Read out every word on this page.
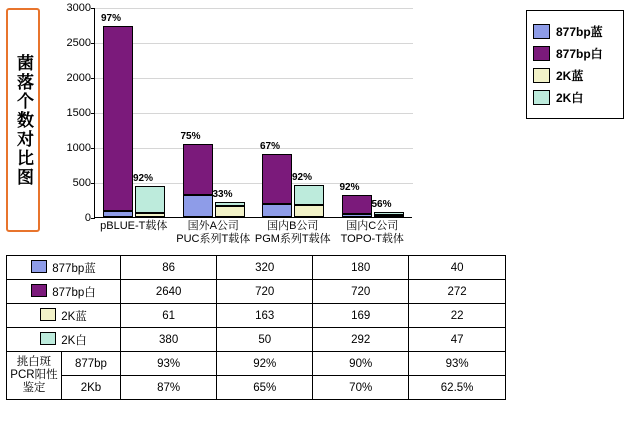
菌落个数对比图
0
500
1000
1500
2000
2500
3000
97%
92%
75%
33%
67%
92%
92%
56%
pBLUE-T载体	国外A公司
PUC系列T载体
国内B公司
PGM系列T载体
国内C公司
TOPO-T载体
877bp蓝
877bp白
2K蓝
2K白
877bp蓝		86	320	180	40
877bp白		2640	720	720	272
2K蓝		61	163	169	22
2K白		380	50	292	47

挑白斑
PCR阳性
鉴定	877bp	93%	92%	90%	93%
	2Kb	87%	65%	70%	62.5%
